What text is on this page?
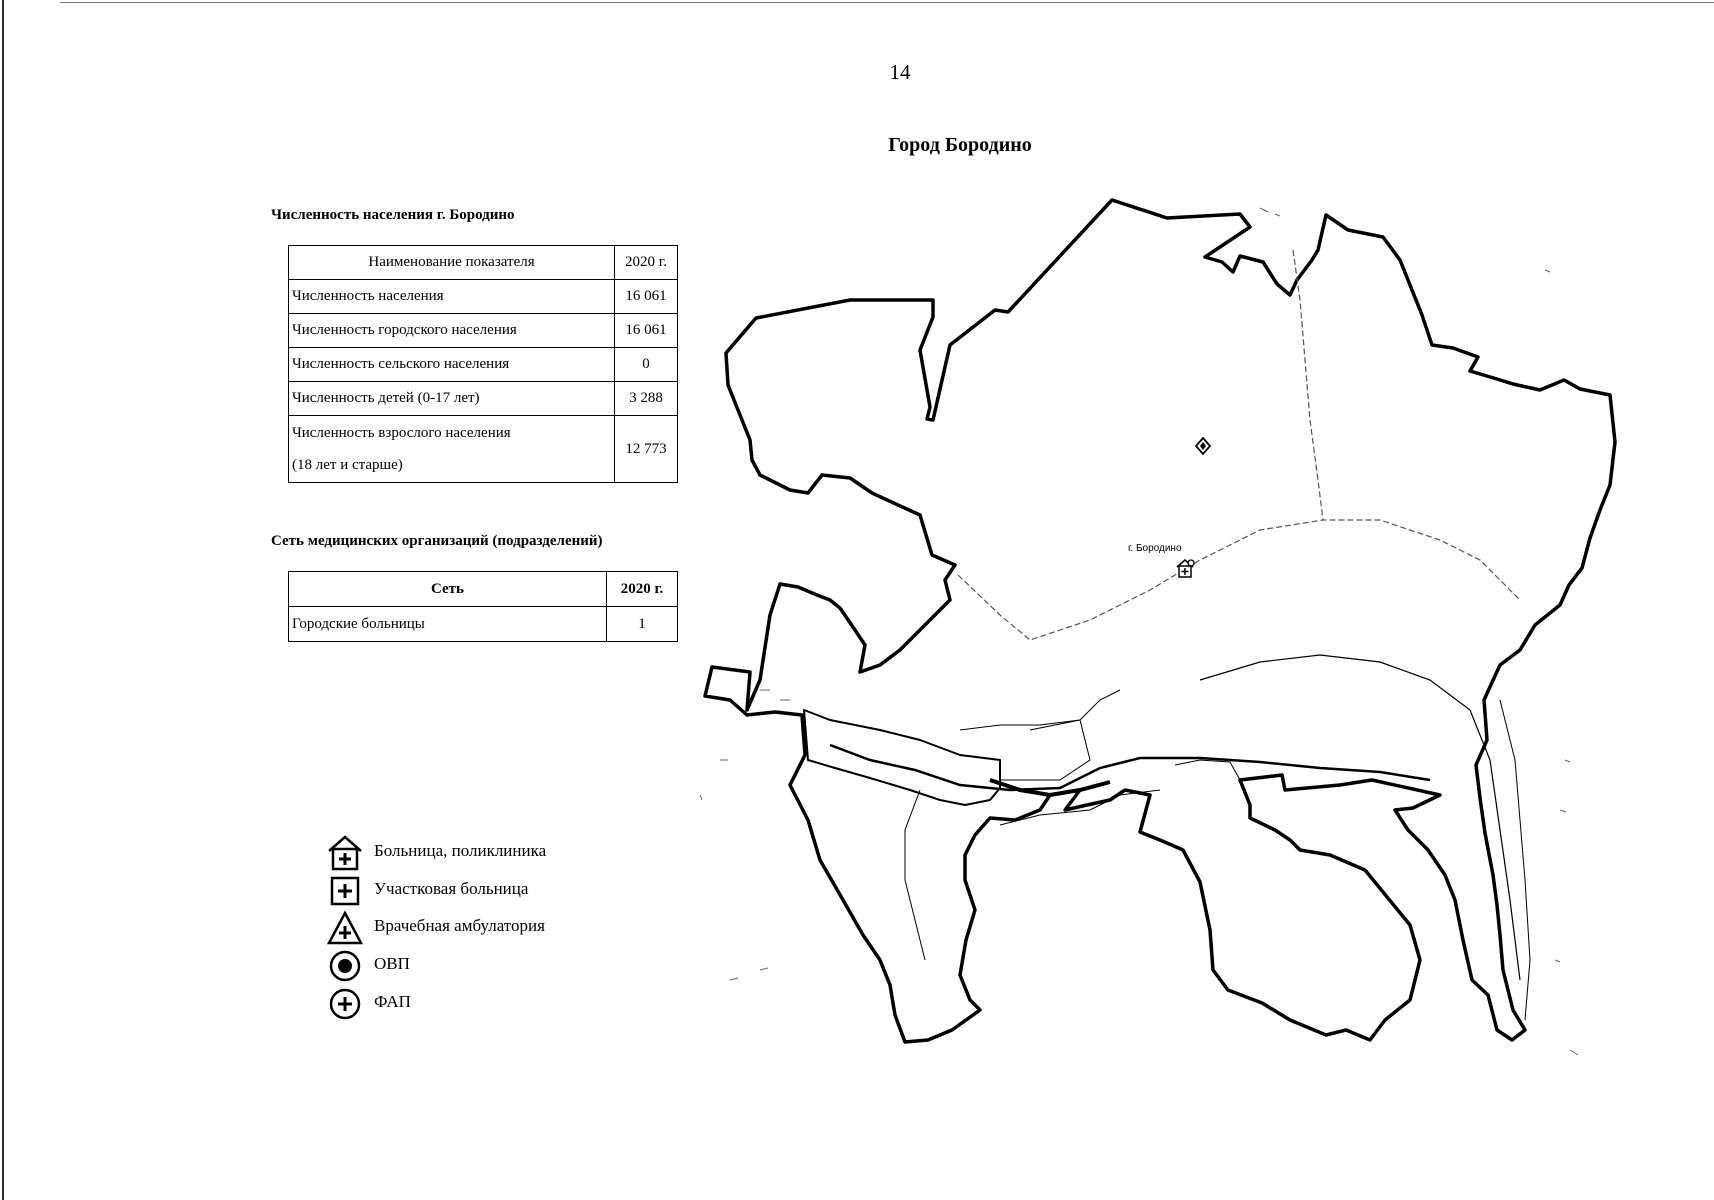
14
Город Бородино
Численность населения г. Бородино
Наименование показателя	2020 г.
Численность населения	16 061
Численность городского населения	16 061
Численность сельского населения	0
Численность детей (0-17 лет)	3 288

Численность взрослого населения
(18 лет и старше)	12 773
Сеть медицинских организаций (подразделений)
Сеть	2020 г.
Городские больницы	1
Больница, поликлиника
Участковая больница
Врачебная амбулатория
ОВП
ФАП
г. Бородино
